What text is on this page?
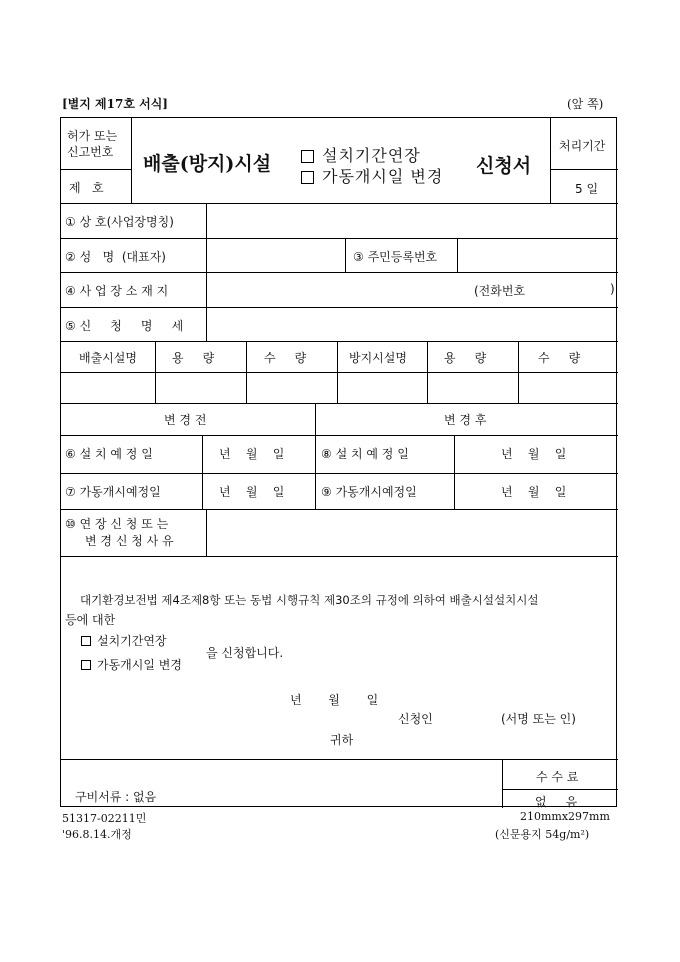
[별지 제17호 서식]	(앞 쪽)
허가 또는
신고번호
제   호
배출(방지)시설	설치기간연장
가동개시일 변경 신청서
처리기간
5 일
① 상 호(사업장명칭)
② 성   명  (대표자)	③ 주민등록번호
④ 사 업 장 소 재 지	(전화번호	)
⑤ 신     청     명     세
배출시설명	용     량	수     량	방지시설명	용     량	수     량
변 경 전	변 경 후
⑥ 설 치 예 정 일	년    월    일	⑧ 설 치 예 정 일	년    월    일
⑦ 가동개시예정일	년    월    일	⑨ 가동개시예정일	년    월    일
⑩ 연 장 신 청 또 는
변 경 신 청 사 유
대기환경보전법 제4조제8항 또는 동법 시행규칙 제30조의 규정에 의하여 배출시설설치시설
등에 대한
설치기간연장
가동개시일 변경
을 신청합니다.
년       월       일
신청인	(서명 또는 인)
귀하
구비서류 : 없음
수 수 료
없     음
51317-02211민
'96.8.14.개정
210mmx297mm
(신문용지 54g/m²)
